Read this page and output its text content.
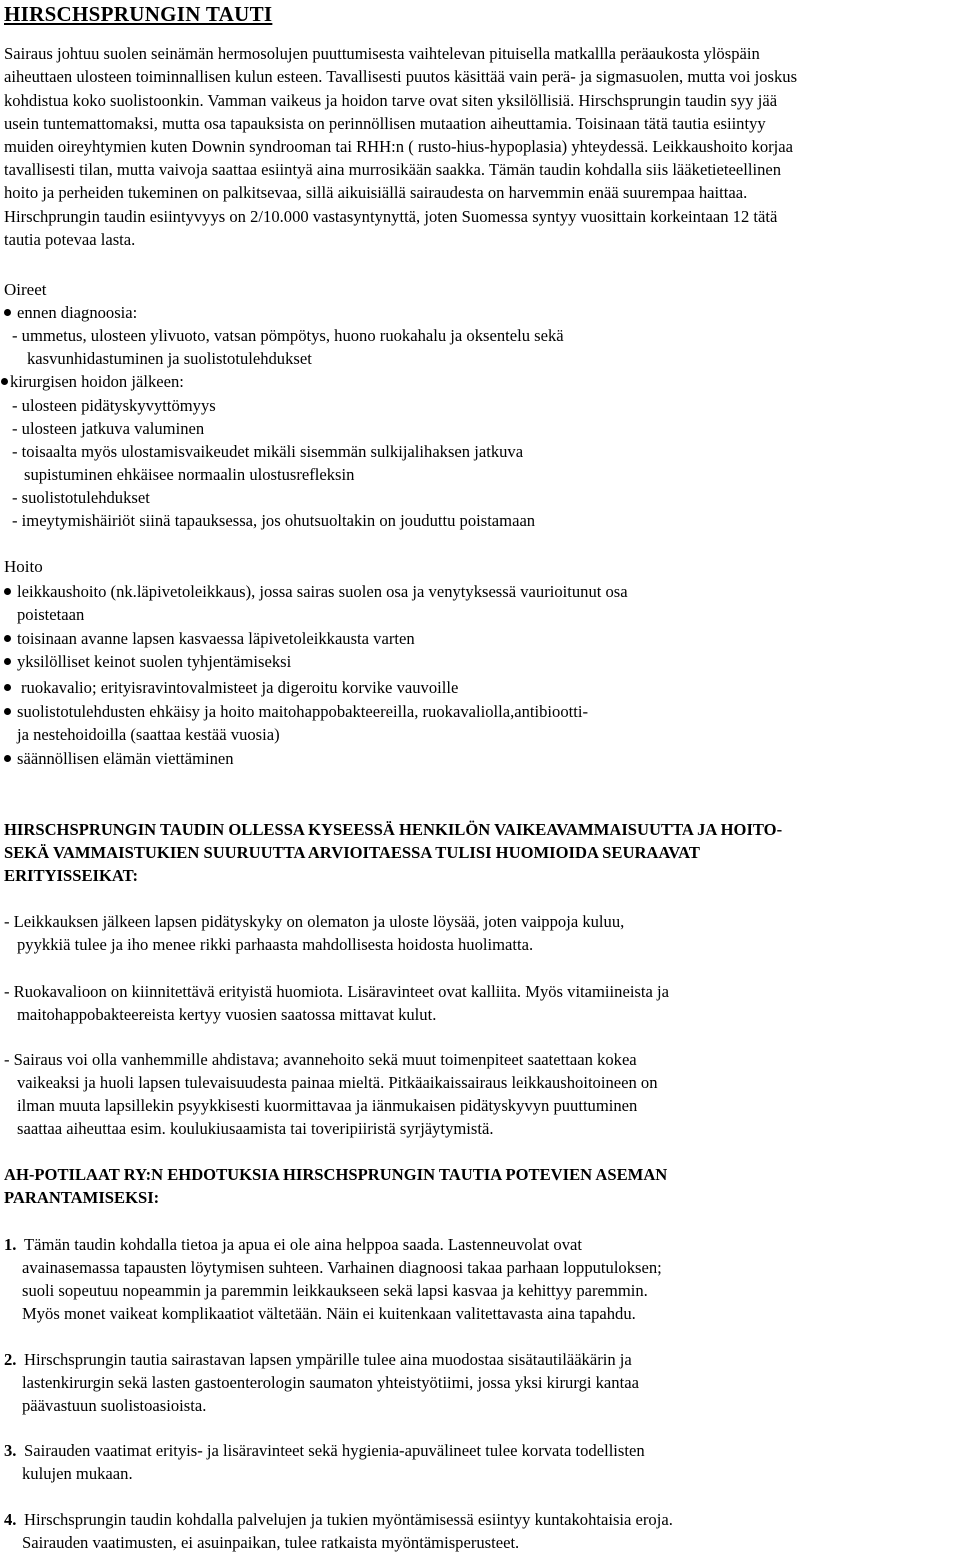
HIRSCHSPRUNGIN TAUTI
Sairaus johtuu suolen seinämän hermosolujen puuttumisesta vaihtelevan pituisella matkallla peräaukosta ylöspäin
aiheuttaen ulosteen toiminnallisen kulun esteen. Tavallisesti puutos käsittää vain perä- ja sigmasuolen, mutta voi joskus
kohdistua koko suolistoonkin. Vamman vaikeus ja hoidon tarve ovat siten yksilöllisiä. Hirschsprungin taudin syy jää
usein tuntemattomaksi, mutta osa tapauksista on perinnöllisen mutaation aiheuttamia. Toisinaan tätä tautia esiintyy
muiden oireyhtymien kuten Downin syndrooman tai RHH:n ( rusto-hius-hypoplasia) yhteydessä. Leikkaushoito korjaa
tavallisesti tilan, mutta vaivoja saattaa esiintyä aina murrosikään saakka. Tämän taudin kohdalla siis lääketieteellinen
hoito ja perheiden tukeminen on palkitsevaa, sillä aikuisiällä sairaudesta on harvemmin enää suurempaa haittaa.
Hirschprungin taudin esiintyvyys on 2/10.000 vastasyntynyttä, joten Suomessa syntyy vuosittain korkeintaan 12 tätä
tautia potevaa lasta.
Oireet
ennen diagnoosia:
- ummetus, ulosteen ylivuoto, vatsan pömpötys, huono ruokahalu ja oksentelu sekä
kasvunhidastuminen ja suolistotulehdukset
kirurgisen hoidon jälkeen:
- ulosteen pidätyskyvyttömyys
- ulosteen jatkuva valuminen
- toisaalta myös ulostamisvaikeudet mikäli sisemmän sulkijalihaksen jatkuva
supistuminen ehkäisee normaalin ulostusrefleksin
- suolistotulehdukset
- imeytymishäiriöt siinä tapauksessa, jos ohutsuoltakin on jouduttu poistamaan
Hoito
leikkaushoito (nk.läpivetoleikkaus), jossa sairas suolen osa ja venytyksessä vaurioitunut osa
poistetaan
toisinaan avanne lapsen kasvaessa läpivetoleikkausta varten
yksilölliset keinot suolen tyhjentämiseksi
ruokavalio; erityisravintovalmisteet ja digeroitu korvike vauvoille
suolistotulehdusten ehkäisy ja hoito maitohappobakteereilla, ruokavaliolla,antibiootti-
ja nestehoidoilla (saattaa kestää vuosia)
säännöllisen elämän viettäminen
HIRSCHSPRUNGIN TAUDIN OLLESSA KYSEESSÄ HENKILÖN VAIKEAVAMMAISUUTTA JA HOITO-
SEKÄ VAMMAISTUKIEN SUURUUTTA ARVIOITAESSA TULISI HUOMIOIDA SEURAAVAT
ERITYISSEIKAT:
- Leikkauksen jälkeen lapsen pidätyskyky on olematon ja uloste löysää, joten vaippoja kuluu,
pyykkiä tulee ja iho menee rikki parhaasta mahdollisesta hoidosta huolimatta.
- Ruokavalioon on kiinnitettävä erityistä huomiota. Lisäravinteet ovat kalliita. Myös vitamiineista ja
maitohappobakteereista kertyy vuosien saatossa mittavat kulut.
- Sairaus voi olla vanhemmille ahdistava; avannehoito sekä muut toimenpiteet saatettaan kokea
vaikeaksi ja huoli lapsen tulevaisuudesta painaa mieltä. Pitkäaikaissairaus leikkaushoitoineen on
ilman muuta lapsillekin psyykkisesti kuormittavaa ja iänmukaisen pidätyskyvyn puuttuminen
saattaa aiheuttaa esim. koulukiusaamista tai toveripiiristä syrjäytymistä.
AH-POTILAAT RY:N EHDOTUKSIA HIRSCHSPRUNGIN TAUTIA POTEVIEN ASEMAN
PARANTAMISEKSI:
1. Tämän taudin kohdalla tietoa ja apua ei ole aina helppoa saada. Lastenneuvolat ovat
avainasemassa tapausten löytymisen suhteen. Varhainen diagnoosi takaa parhaan lopputuloksen;
suoli sopeutuu nopeammin ja paremmin leikkaukseen sekä lapsi kasvaa ja kehittyy paremmin.
Myös monet vaikeat komplikaatiot vältetään. Näin ei kuitenkaan valitettavasta aina tapahdu.
2. Hirschsprungin tautia sairastavan lapsen ympärille tulee aina muodostaa sisätautilääkärin ja
lastenkirurgin sekä lasten gastoenterologin saumaton yhteistyötiimi, jossa yksi kirurgi kantaa
päävastuun suolistoasioista.
3. Sairauden vaatimat erityis- ja lisäravinteet sekä hygienia-apuvälineet tulee korvata todellisten
kulujen mukaan.
4. Hirschsprungin taudin kohdalla palvelujen ja tukien myöntämisessä esiintyy kuntakohtaisia eroja.
Sairauden vaatimusten, ei asuinpaikan, tulee ratkaista myöntämisperusteet.
